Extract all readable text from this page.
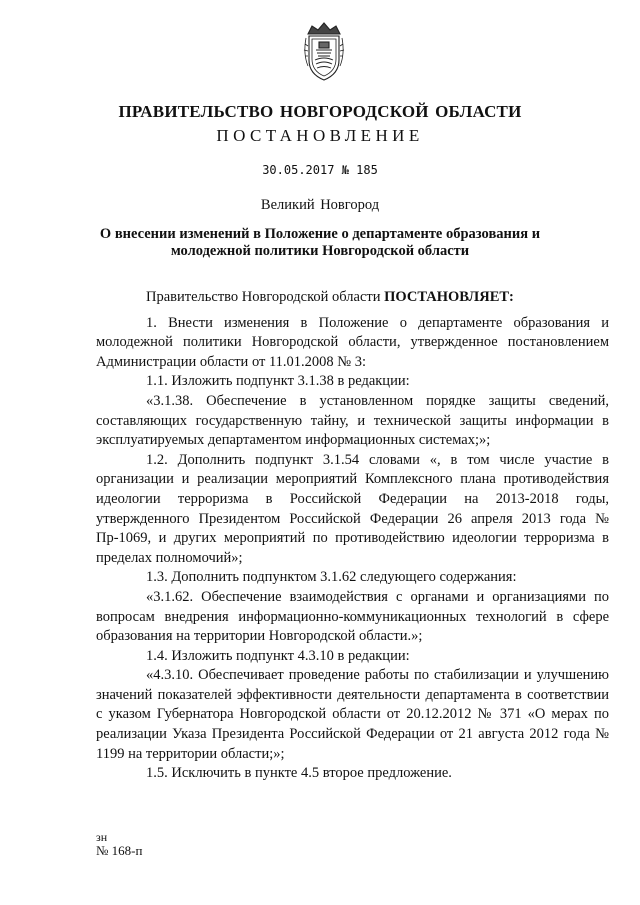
ПРАВИТЕЛЬСТВО НОВГОРОДСКОЙ ОБЛАСТИ
ПОСТАНОВЛЕНИЕ
30.05.2017 № 185
Великий Новгород
О внесении изменений в Положение о департаменте образования и молодежной политики Новгородской области

Правительство Новгородской области ПОСТАНОВЛЯЕТ:

1. Внести изменения в Положение о департаменте образования и молодежной политики Новгородской области, утвержденное постановлением Администрации области от 11.01.2008 № 3:

1.1. Изложить подпункт 3.1.38 в редакции:

«3.1.38. Обеспечение в установленном порядке защиты сведений, составляющих государственную тайну, и технической защиты информации в эксплуатируемых департаментом информационных системах;»;

1.2. Дополнить подпункт 3.1.54 словами «, в том числе участие в организации и реализации мероприятий Комплексного плана противодействия идеологии терроризма в Российской Федерации на 2013-2018 годы, утвержденного Президентом Российской Федерации 26 апреля 2013 года № Пр-1069, и других мероприятий по противодействию идеологии терроризма в пределах полномочий»;

1.3. Дополнить подпунктом 3.1.62 следующего содержания:

«3.1.62. Обеспечение взаимодействия с органами и организациями по вопросам внедрения информационно-коммуникационных технологий в сфере образования на территории Новгородской области.»;

1.4. Изложить подпункт 4.3.10 в редакции:

«4.3.10. Обеспечивает проведение работы по стабилизации и улучшению значений показателей эффективности деятельности департамента в соответствии с указом Губернатора Новгородской области от 20.12.2012 № 371 «О мерах по реализации Указа Президента Российской Федерации от 21 августа 2012 года № 1199 на территории области;»;

1.5. Исключить в пункте 4.5 второе предложение.

зн
№ 168-п
